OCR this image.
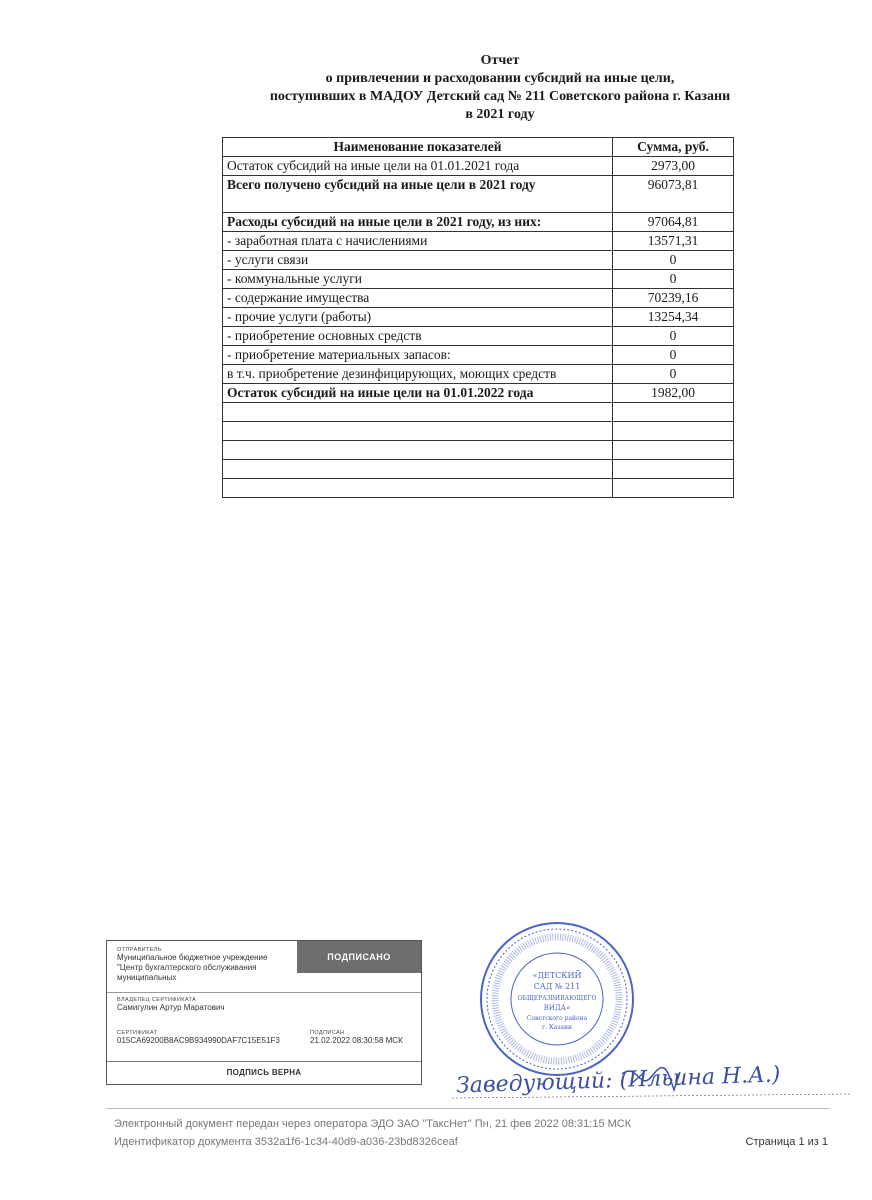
Отчет
о привлечении и расходовании субсидий на иные цели,
поступивших в МАДОУ Детский сад № 211 Советского района г. Казани
в 2021 году
Наименование показателей	Сумма, руб.
Остаток субсидий на иные цели на 01.01.2021 года	2973,00
Всего получено субсидий на иные цели в 2021 году	96073,81
Расходы субсидий на иные цели в 2021 году, из них:	97064,81
- заработная плата с начислениями	13571,31
- услуги связи	0
- коммунальные услуги	0
- содержание имущества	70239,16
- прочие услуги (работы)	13254,34
- приобретение основных средств	0
- приобретение материальных запасов:	0
в т.ч. приобретение дезинфицирующих, моющих средств	0
Остаток субсидий на иные цели на 01.01.2022 года	1982,00

ОТПРАВИТЕЛЬ
Муниципальное бюджетное учреждение "Центр бухгалтерского обслуживания муниципальных
ПОДПИСАНО
ВЛАДЕЛЕЦ СЕРТИФИКАТА
Самигулин Артур Маратович
СЕРТИФИКАТ
015CA69200B8AC9B934990DAF7C15E51F3
ПОДПИСАН
21.02.2022 08:30:58 МСК
ПОДПИСЬ ВЕРНА
«ДЕТСКИЙ
САД № 211
ОБЩЕРАЗВИВАЮЩЕГО
ВИДА»
Советского района
г. Казани
Заведующий: (Ильина Н.А.)
Электронный документ передан через оператора ЭДО ЗАО "ТаксНет" Пн, 21 фев 2022 08:31:15 МСК
Идентификатор документа 3532a1f6-1c34-40d9-a036-23bd8326ceaf	Страница 1 из 1
